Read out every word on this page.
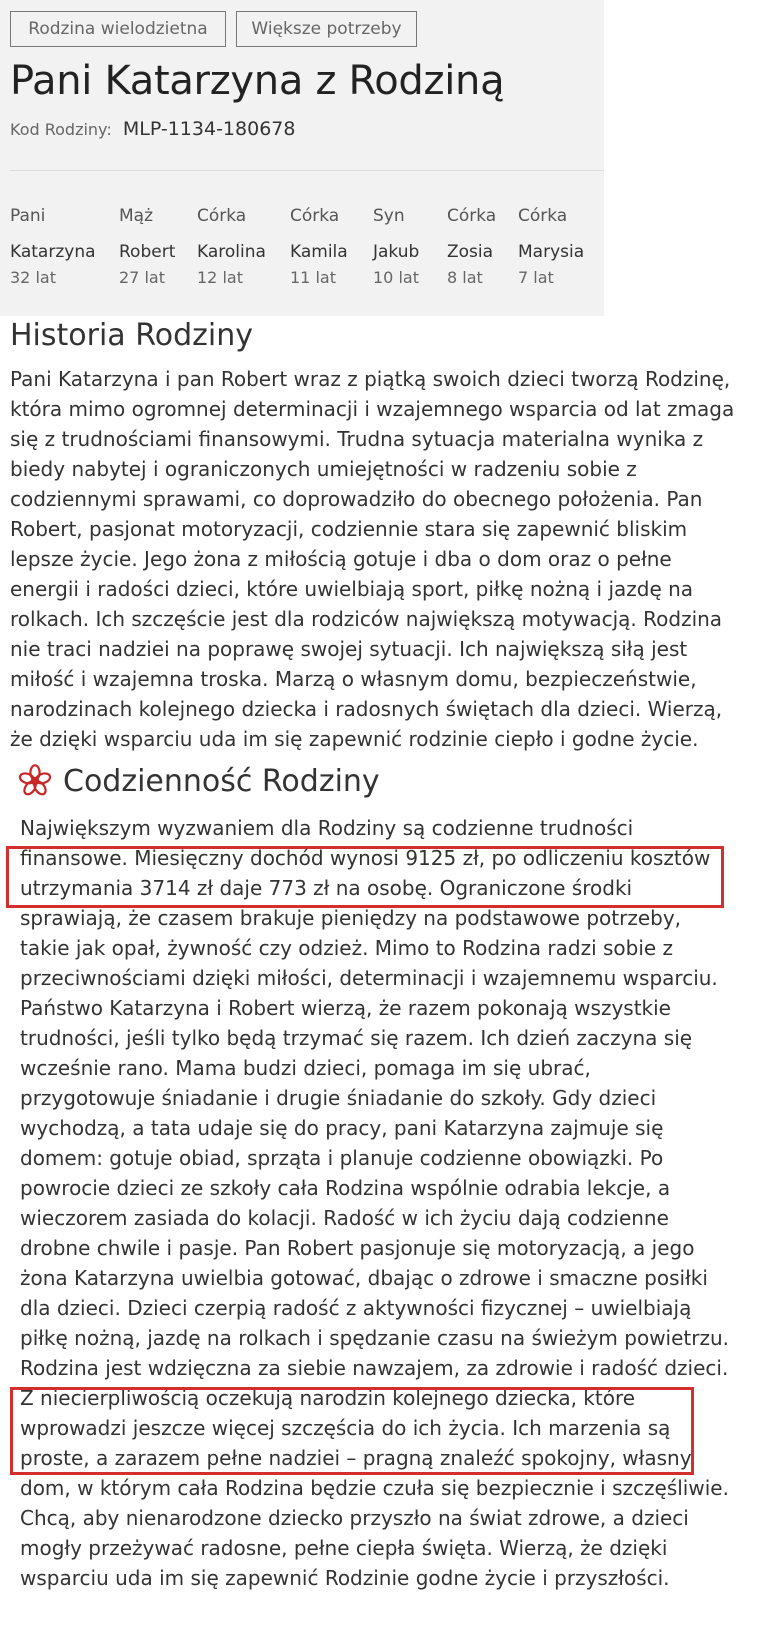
Rodzina wielodzietna	Większe potrzeby
Pani Katarzyna z Rodziną
Kod Rodziny: MLP-1134-180678
Pani
Katarzyna
32 lat
Mąż
Robert
27 lat
Córka
Karolina
12 lat
Córka
Kamila
11 lat
Syn
Jakub
10 lat
Córka
Zosia
8 lat
Córka
Marysia
7 lat
Historia Rodziny

Pani Katarzyna i pan Robert wraz z piątką swoich dzieci tworzą Rodzinę, która mimo ogromnej determinacji i wzajemnego wsparcia od lat zmaga się z trudnościami finansowymi. Trudna sytuacja materialna wynika z biedy nabytej i ograniczonych umiejętności w radzeniu sobie z codziennymi sprawami, co doprowadziło do obecnego położenia. Pan Robert, pasjonat motoryzacji, codziennie stara się zapewnić bliskim lepsze życie. Jego żona z miłością gotuje i dba o dom oraz o pełne energii i radości dzieci, które uwielbiają sport, piłkę nożną i jazdę na rolkach. Ich szczęście jest dla rodziców największą motywacją. Rodzina nie traci nadziei na poprawę swojej sytuacji. Ich największą siłą jest miłość i wzajemna troska. Marzą o własnym domu, bezpieczeństwie, narodzinach kolejnego dziecka i radosnych świętach dla dzieci. Wierzą, że dzięki wsparciu uda im się zapewnić rodzinie ciepło i godne życie.

Codzienność Rodziny

Największym wyzwaniem dla Rodziny są codzienne trudności finansowe. Miesięczny dochód wynosi 9125 zł, po odliczeniu kosztów utrzymania 3714 zł daje 773 zł na osobę. Ograniczone środki sprawiają, że czasem brakuje pieniędzy na podstawowe potrzeby, takie jak opał, żywność czy odzież. Mimo to Rodzina radzi sobie z przeciwnościami dzięki miłości, determinacji i wzajemnemu wsparciu. Państwo Katarzyna i Robert wierzą, że razem pokonają wszystkie trudności, jeśli tylko będą trzymać się razem. Ich dzień zaczyna się wcześnie rano. Mama budzi dzieci, pomaga im się ubrać, przygotowuje śniadanie i drugie śniadanie do szkoły. Gdy dzieci wychodzą, a tata udaje się do pracy, pani Katarzyna zajmuje się domem: gotuje obiad, sprząta i planuje codzienne obowiązki. Po powrocie dzieci ze szkoły cała Rodzina wspólnie odrabia lekcje, a wieczorem zasiada do kolacji. Radość w ich życiu dają codzienne drobne chwile i pasje. Pan Robert pasjonuje się motoryzacją, a jego żona Katarzyna uwielbia gotować, dbając o zdrowe i smaczne posiłki dla dzieci. Dzieci czerpią radość z aktywności fizycznej – uwielbiają piłkę nożną, jazdę na rolkach i spędzanie czasu na świeżym powietrzu. Rodzina jest wdzięczna za siebie nawzajem, za zdrowie i radość dzieci. Z niecierpliwością oczekują narodzin kolejnego dziecka, które wprowadzi jeszcze więcej szczęścia do ich życia. Ich marzenia są proste, a zarazem pełne nadziei – pragną znaleźć spokojny, własny dom, w którym cała Rodzina będzie czuła się bezpiecznie i szczęśliwie. Chcą, aby nienarodzone dziecko przyszło na świat zdrowe, a dzieci mogły przeżywać radosne, pełne ciepła święta. Wierzą, że dzięki wsparciu uda im się zapewnić Rodzinie godne życie i przyszłości.
